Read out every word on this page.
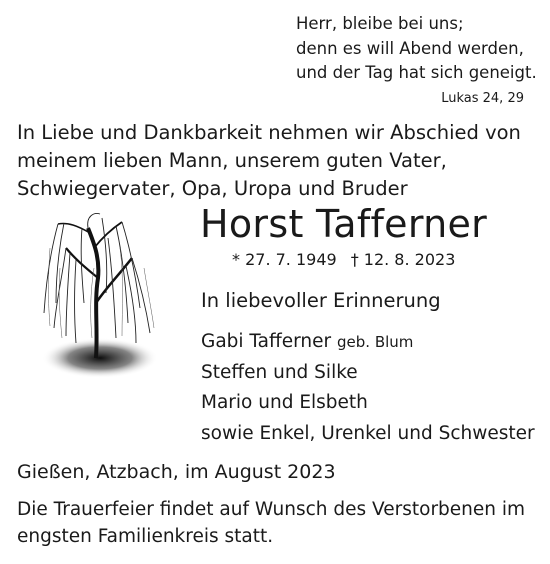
Herr, bleibe bei uns;
denn es will Abend werden,
und der Tag hat sich geneigt.
Lukas 24, 29
In Liebe und Dankbarkeit nehmen wir Abschied von
meinem lieben Mann, unserem guten Vater,
Schwiegervater, Opa, Uropa und Bruder
Horst Tafferner
* 27. 7. 1949 † 12. 8. 2023
In liebevoller Erinnerung
Gabi Tafferner geb. Blum
Steffen und Silke
Mario und Elsbeth
sowie Enkel, Urenkel und Schwester
Gießen, Atzbach, im August 2023
Die Trauerfeier findet auf Wunsch des Verstorbenen im
engsten Familienkreis statt.
